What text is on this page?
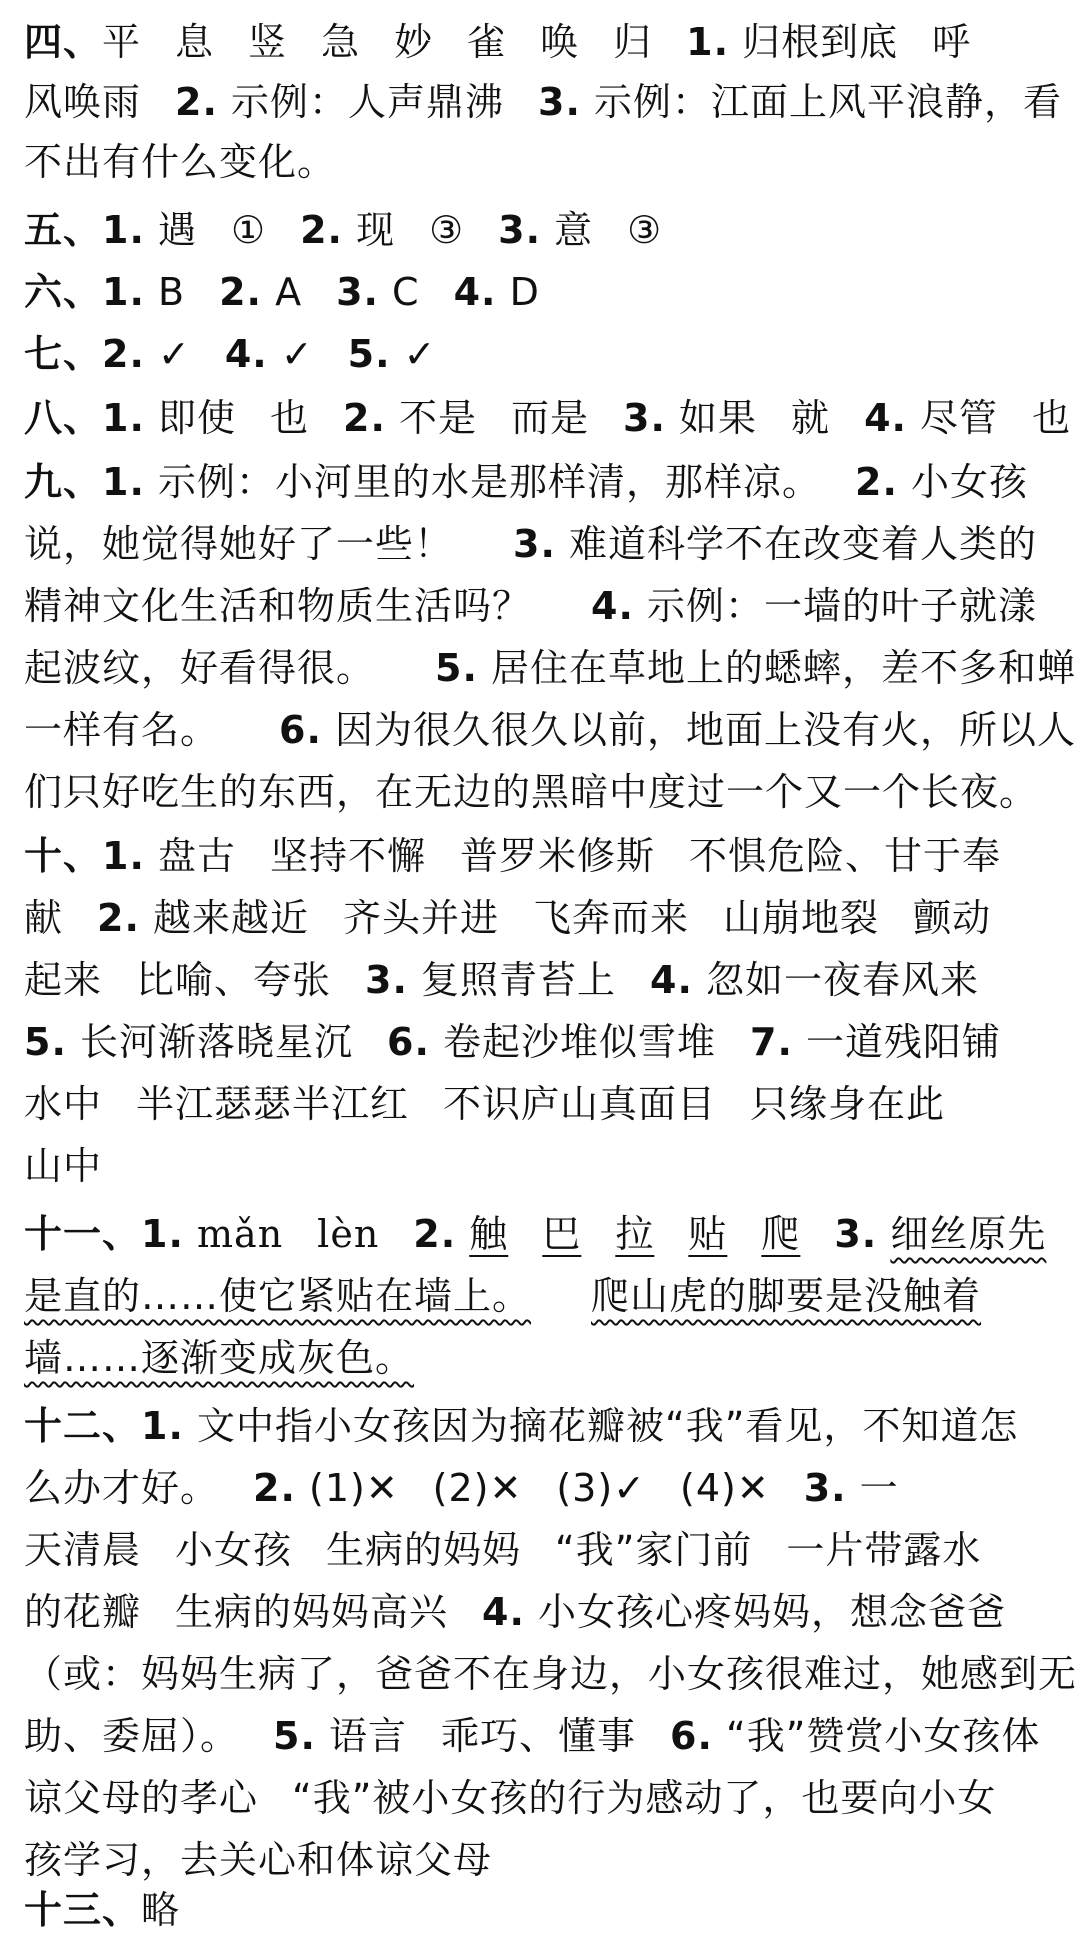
四、平 息 竖 急 妙 雀 唤 归 1. 归根到底 呼
风唤雨 2. 示例：人声鼎沸 3. 示例：江面上风平浪静，看
不出有什么变化。
五、1. 遇 ① 2. 现 ③ 3. 意 ③
六、1. B 2. A 3. C 4. D
七、2. ✓ 4. ✓ 5. ✓
八、1. 即使 也 2. 不是 而是 3. 如果 就 4. 尽管 也
九、1. 示例：小河里的水是那样清，那样凉。 2. 小女孩
说，她觉得她好了一些！ 3. 难道科学不在改变着人类的
精神文化生活和物质生活吗？ 4. 示例：一墙的叶子就漾
起波纹，好看得很。 5. 居住在草地上的蟋蟀，差不多和蝉
一样有名。 6. 因为很久很久以前，地面上没有火，所以人
们只好吃生的东西，在无边的黑暗中度过一个又一个长夜。
十、1. 盘古 坚持不懈 普罗米修斯 不惧危险、甘于奉
献 2. 越来越近 齐头并进 飞奔而来 山崩地裂 颤动
起来 比喻、夸张 3. 复照青苔上 4. 忽如一夜春风来
5. 长河渐落晓星沉 6. 卷起沙堆似雪堆 7. 一道残阳铺
水中 半江瑟瑟半江红 不识庐山真面目 只缘身在此
山中
十一、1. mǎn lèn 2. 触 巴 拉 贴 爬 3. 细丝原先
是直的……使它紧贴在墙上。 爬山虎的脚要是没触着
墙……逐渐变成灰色。
十二、1. 文中指小女孩因为摘花瓣被“我”看见，不知道怎
么办才好。 2. (1)✕ (2)✕ (3)✓ (4)✕ 3. 一
天清晨 小女孩 生病的妈妈 “我”家门前 一片带露水
的花瓣 生病的妈妈高兴 4. 小女孩心疼妈妈，想念爸爸
（或：妈妈生病了，爸爸不在身边，小女孩很难过，她感到无
助、委屈）。 5. 语言 乖巧、懂事 6. “我”赞赏小女孩体
谅父母的孝心 “我”被小女孩的行为感动了，也要向小女
孩学习，去关心和体谅父母
十三、略
